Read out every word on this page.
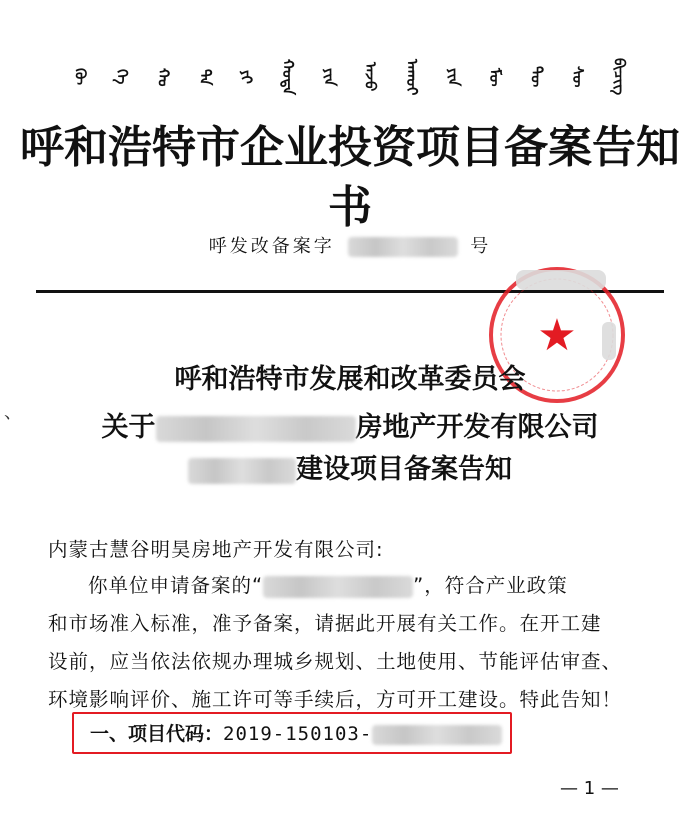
ᠬᠥ ᠬᠡ ᠬᠣ ᠲᠠ ᠶᠢ ᠬᠣᠳᠠ ᠶᠢᠨ ᠠᠵᠤ ᠠᠬᠤᠢ ᠶᠢᠨ ᠮᠥ ᠲᠥ ᠰᠥ ᠪᠢᠴᠢᠭ
呼和浩特市企业投资项目备案告知书
呼发改备案字	号
★
、
呼和浩特市发展和改革委员会
关于	房地产开发有限公司
建设项目备案告知
内蒙古慧谷明昊房地产开发有限公司:
你单位申请备案的“	”，符合产业政策
和市场准入标准，准予备案，请据此开展有关工作。在开工建
设前，应当依法依规办理城乡规划、土地使用、节能评估审查、
环境影响评价、施工许可等手续后，方可开工建设。特此告知！
一、项目代码：2019-150103-
— 1 —
